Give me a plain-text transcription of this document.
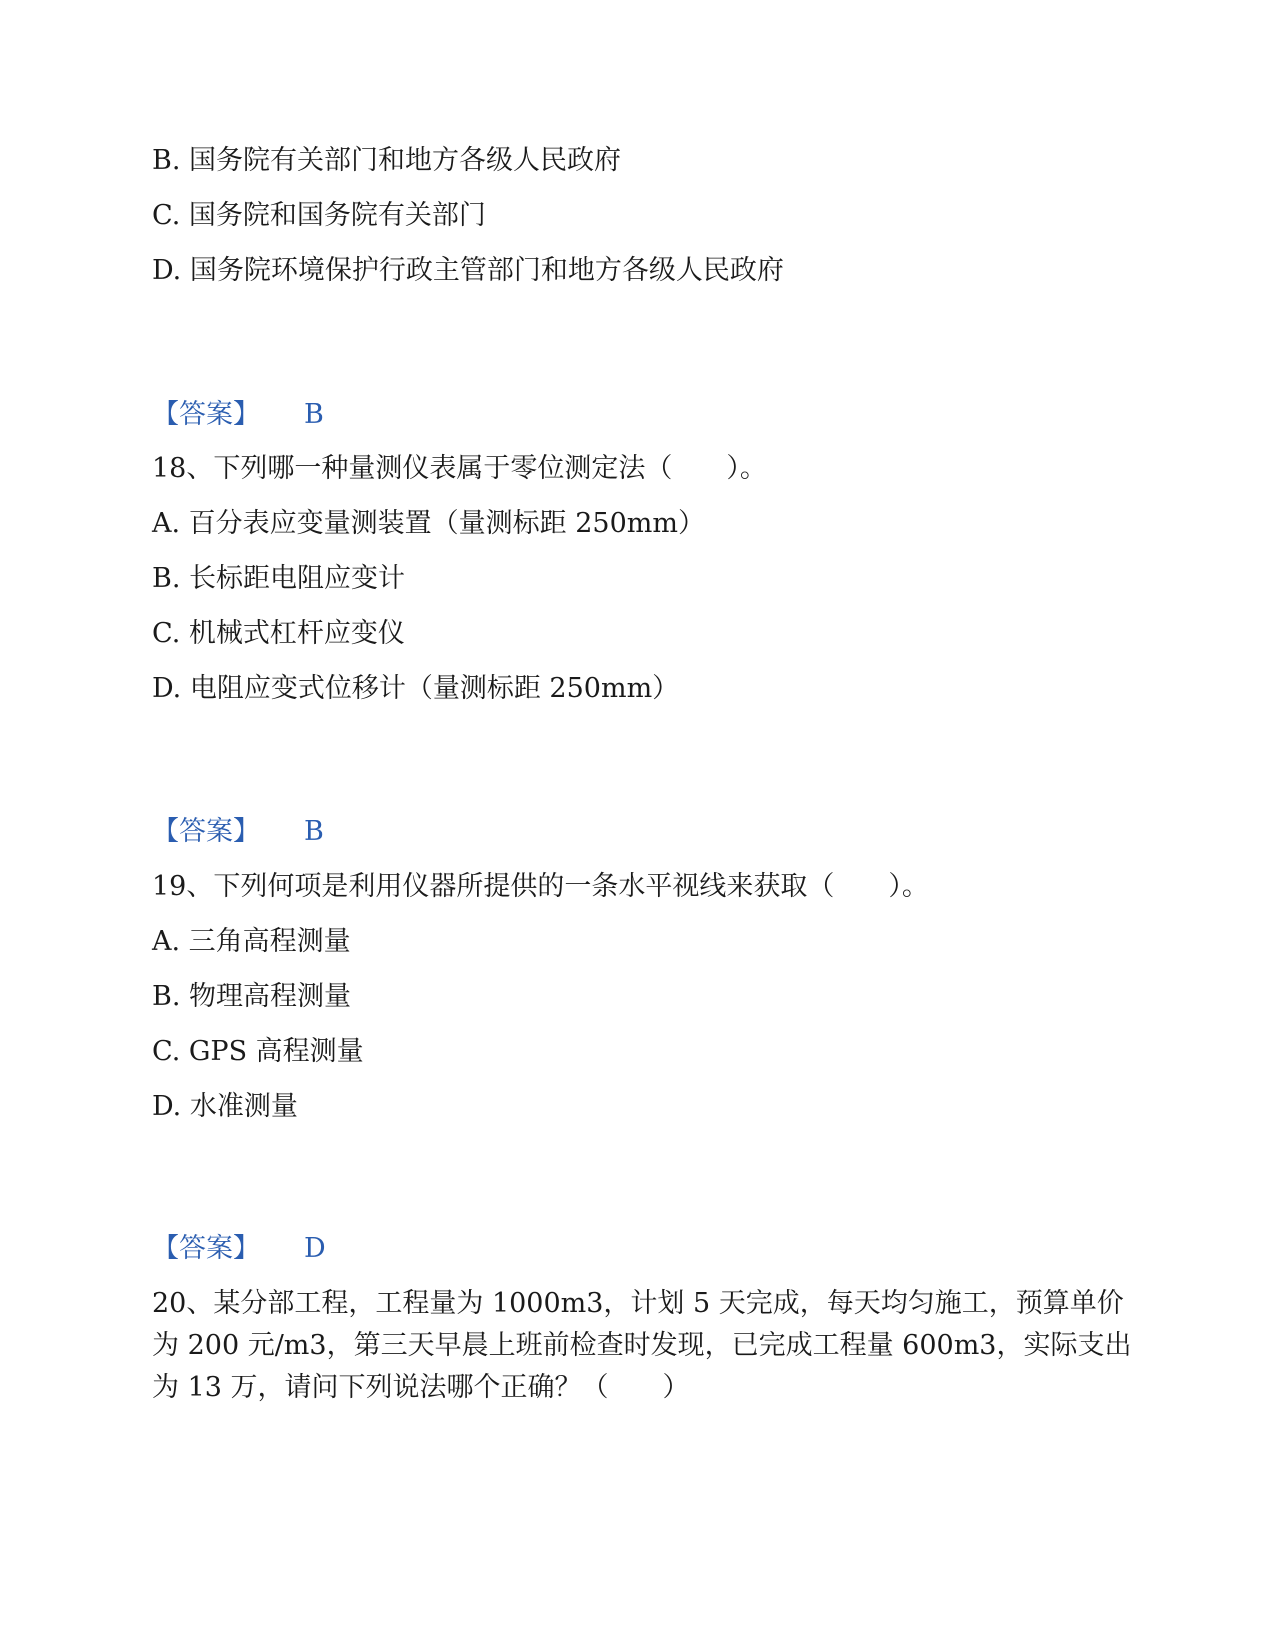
B. 国务院有关部门和地方各级人民政府
C. 国务院和国务院有关部门
D. 国务院环境保护行政主管部门和地方各级人民政府
【答案】 B
18、下列哪一种量测仪表属于零位测定法（　　）。
A. 百分表应变量测装置（量测标距 250mm）
B. 长标距电阻应变计
C. 机械式杠杆应变仪
D. 电阻应变式位移计（量测标距 250mm）
【答案】 B
19、下列何项是利用仪器所提供的一条水平视线来获取（　　）。
A. 三角高程测量
B. 物理高程测量
C. GPS 高程测量
D. 水准测量
【答案】 D
20、某分部工程，工程量为 1000m3，计划 5 天完成，每天均匀施工，预算单价为 200 元/m3，第三天早晨上班前检查时发现，已完成工程量 600m3，实际支出为 13 万，请问下列说法哪个正确？（　　）
